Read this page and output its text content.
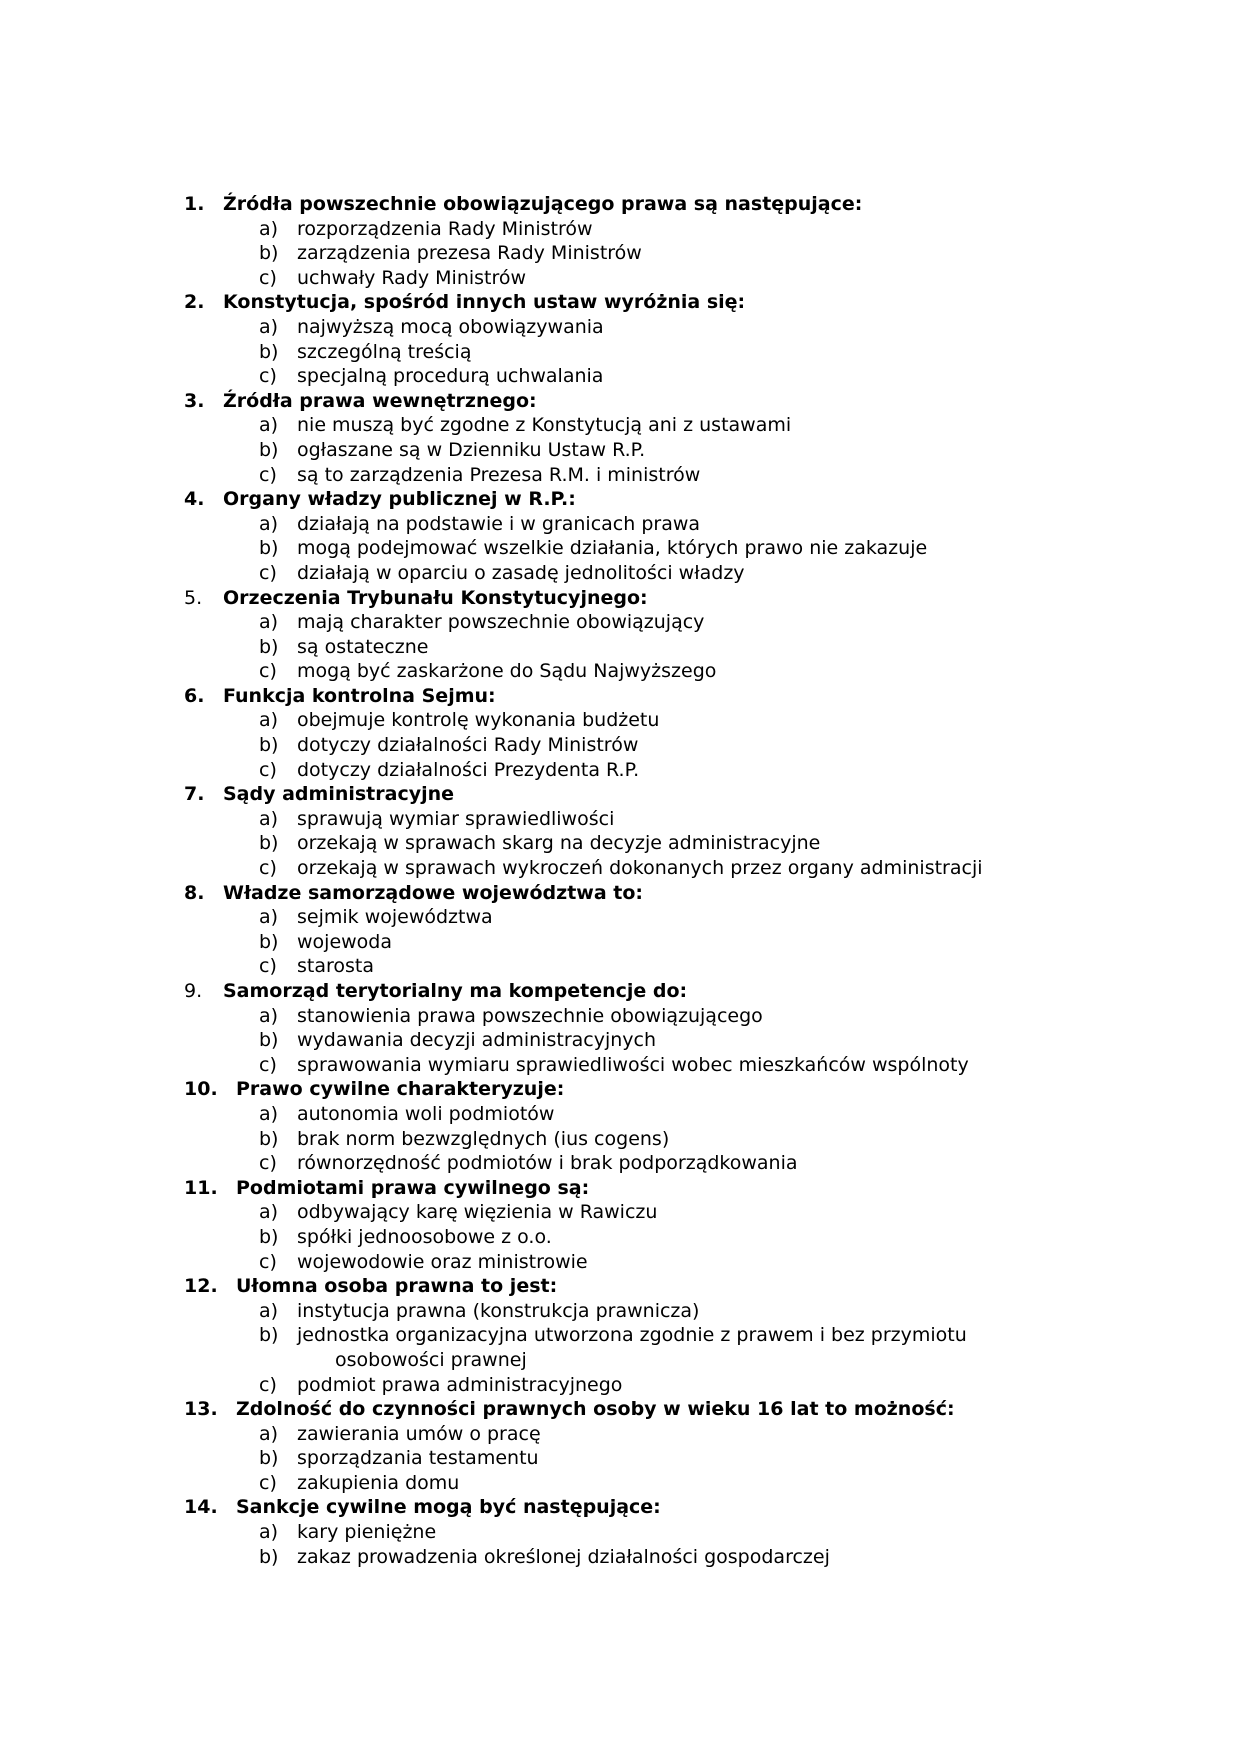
1. Źródła powszechnie obowiązującego prawa są następujące:
a) rozporządzenia Rady Ministrów
b) zarządzenia prezesa Rady Ministrów
c)	uchwały Rady Ministrów
2. Konstytucja, spośród innych ustaw wyróżnia się:
a) najwyższą mocą obowiązywania
b) szczególną treścią
c)	specjalną procedurą uchwalania
3. Źródła prawa wewnętrznego:
a) nie muszą być zgodne z Konstytucją ani z ustawami
b) ogłaszane są w Dzienniku Ustaw R.P.
c)	są to zarządzenia Prezesa R.M. i ministrów
4. Organy władzy publicznej w R.P.:
a) działają na podstawie i w granicach prawa
b) mogą podejmować wszelkie działania, których prawo nie zakazuje
c)	działają w oparciu o zasadę jednolitości władzy
5.	Orzeczenia Trybunału Konstytucyjnego:
a) mają charakter powszechnie obowiązujący
b) są ostateczne
c)	mogą być zaskarżone do Sądu Najwyższego
6. Funkcja kontrolna Sejmu:
a) obejmuje kontrolę wykonania budżetu
b) dotyczy działalności Rady Ministrów
c)	dotyczy działalności Prezydenta R.P.
7. Sądy administracyjne
a) sprawują wymiar sprawiedliwości
b) orzekają w sprawach skarg na decyzje administracyjne
c)	orzekają w sprawach wykroczeń dokonanych przez organy administracji
8. Władze samorządowe województwa to:
a) sejmik województwa
b) wojewoda
c)	starosta
9.	Samorząd terytorialny ma kompetencje do:
a) stanowienia prawa powszechnie obowiązującego
b) wydawania decyzji administracyjnych
c)	sprawowania wymiaru sprawiedliwości wobec mieszkańców wspólnoty
10. Prawo cywilne charakteryzuje:
a) autonomia woli podmiotów
b) brak norm bezwzględnych (ius cogens)
c)	równorzędność podmiotów i brak podporządkowania
11. Podmiotami prawa cywilnego są:
a) odbywający karę więzienia w Rawiczu
b) spółki jednoosobowe z o.o.
c)	wojewodowie oraz ministrowie
12. Ułomna osoba prawna to jest:
a) instytucja prawna (konstrukcja prawnicza)
b) jednostka organizacyjna utworzona zgodnie z prawem i bez przymiotu
osobowości prawnej
c)	podmiot prawa administracyjnego
13. Zdolność do czynności prawnych osoby w wieku 16 lat to możność:
a) zawierania umów o pracę
b) sporządzania testamentu
c)	zakupienia domu
14. Sankcje cywilne mogą być następujące:
a) kary pieniężne
b) zakaz prowadzenia określonej działalności gospodarczej
